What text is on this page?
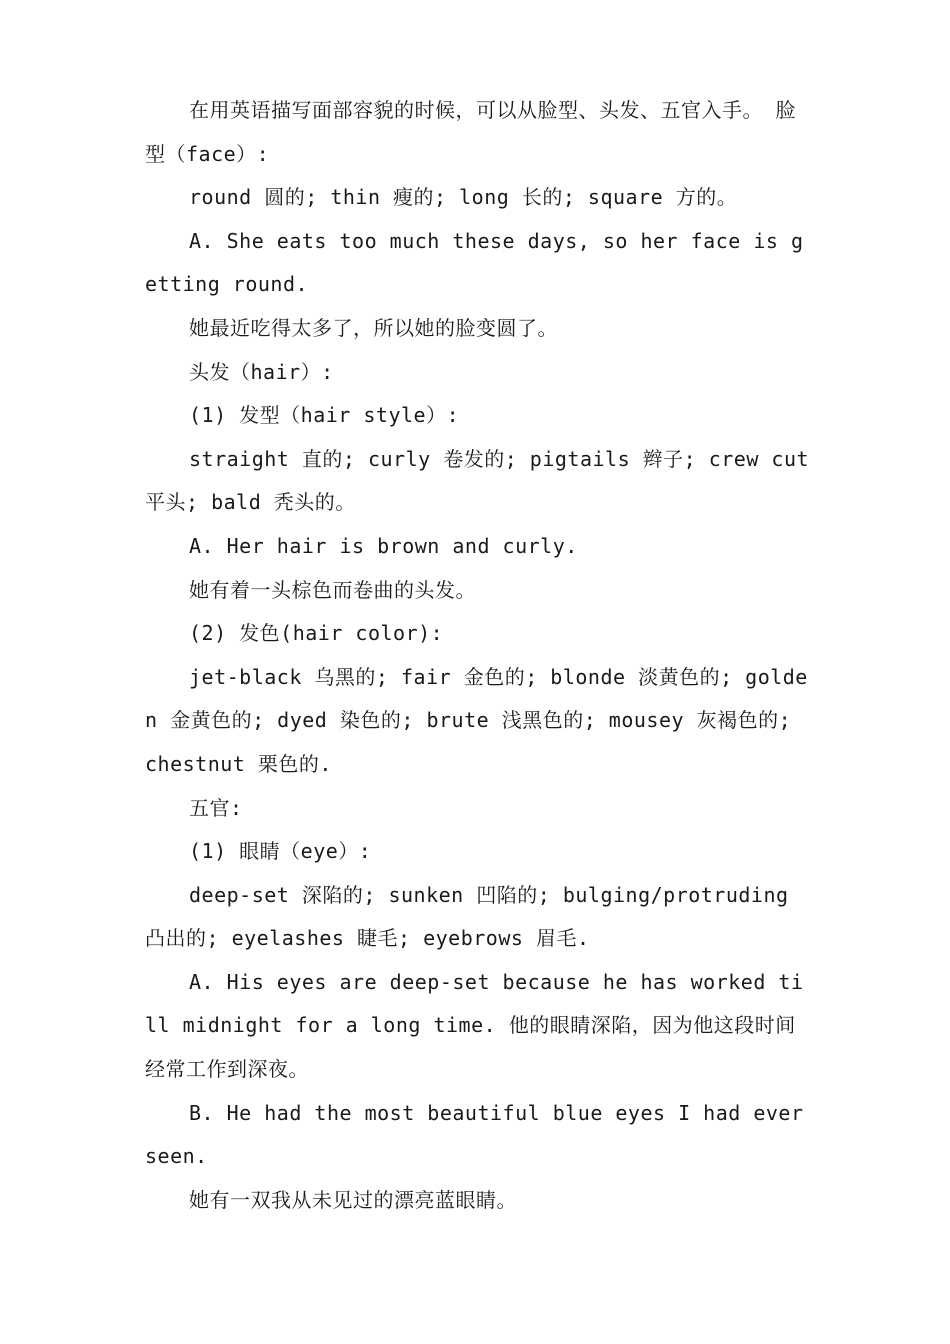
在用英语描写面部容貌的时候，可以从脸型、头发、五官入手。 脸型（face）:

round 圆的; thin 瘦的; long 长的; square 方的。

A. She eats too much these days, so her face is getting round.

她最近吃得太多了，所以她的脸变圆了。

头发（hair）:

(1) 发型（hair style）:

straight 直的; curly 卷发的; pigtails 辫子; crew cut 平头; bald 秃头的。

A. Her hair is brown and curly.

她有着一头棕色而卷曲的头发。

(2) 发色(hair color):

jet-black 乌黑的; fair 金色的; blonde 淡黄色的; golden 金黄色的; dyed 染色的; brute 浅黑色的; mousey 灰褐色的; chestnut 栗色的.

五官:

(1) 眼睛（eye）:

deep-set 深陷的; sunken 凹陷的; bulging/protruding 凸出的; eyelashes 睫毛; eyebrows 眉毛.

A. His eyes are deep-set because he has worked till midnight for a long time. 他的眼睛深陷，因为他这段时间经常工作到深夜。

B. He had the most beautiful blue eyes I had ever seen.

她有一双我从未见过的漂亮蓝眼睛。
